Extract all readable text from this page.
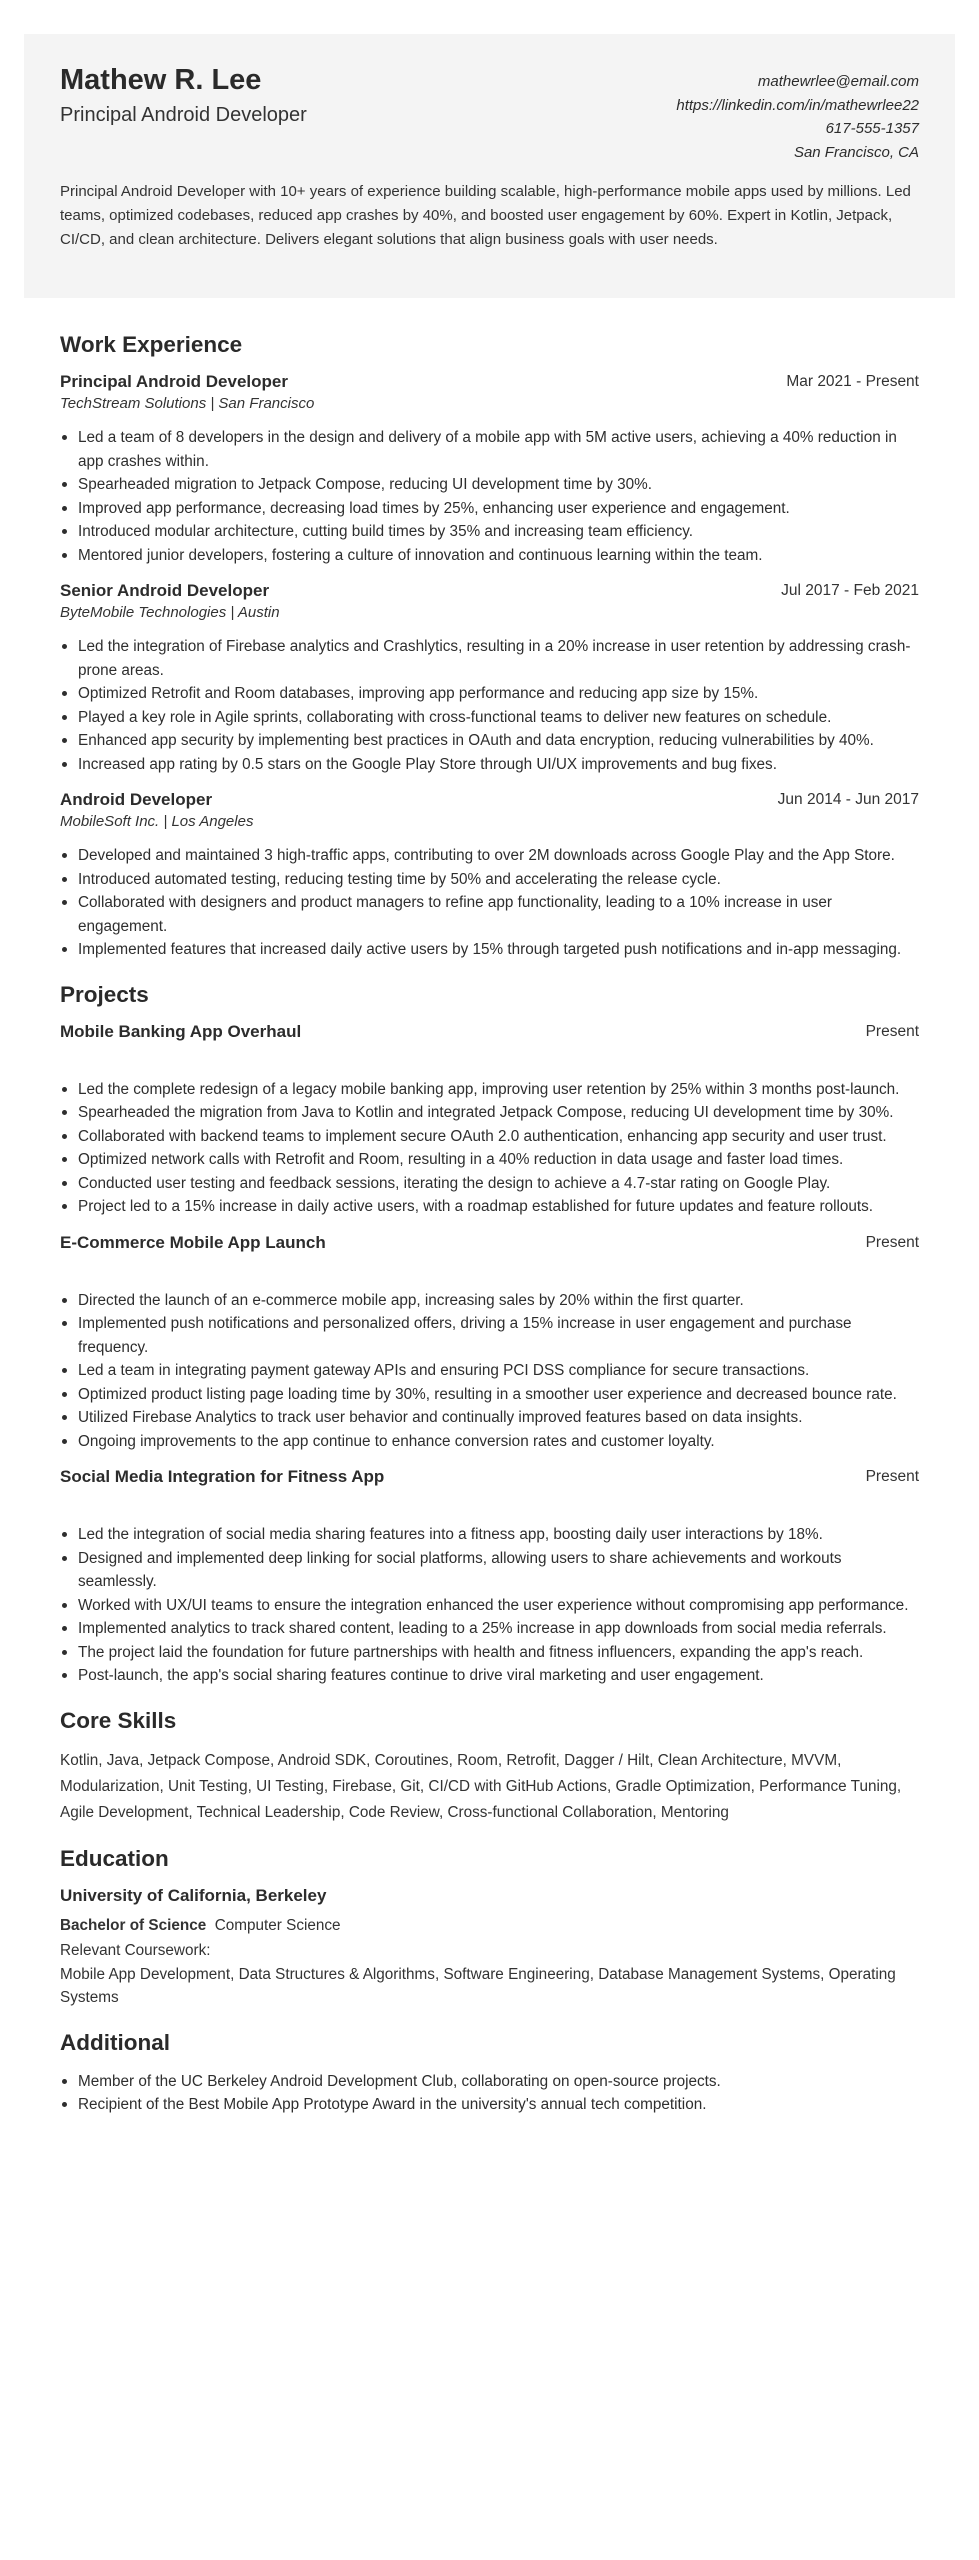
Mathew R. Lee
Principal Android Developer
mathewrlee@email.com
https://linkedin.com/in/mathewrlee22
617-555-1357
San Francisco, CA

Principal Android Developer with 10+ years of experience building scalable, high-performance mobile apps used by millions. Led teams, optimized codebases, reduced app crashes by 40%, and boosted user engagement by 60%. Expert in Kotlin, Jetpack, CI/CD, and clean architecture. Delivers elegant solutions that align business goals with user needs.

Work Experience
Principal Android Developer	Mar 2021 - Present
TechStream Solutions | San Francisco
Led a team of 8 developers in the design and delivery of a mobile app with 5M active users, achieving a 40% reduction in app crashes within.
Spearheaded migration to Jetpack Compose, reducing UI development time by 30%.
Improved app performance, decreasing load times by 25%, enhancing user experience and engagement.
Introduced modular architecture, cutting build times by 35% and increasing team efficiency.
Mentored junior developers, fostering a culture of innovation and continuous learning within the team.
Senior Android Developer	Jul 2017 - Feb 2021
ByteMobile Technologies | Austin
Led the integration of Firebase analytics and Crashlytics, resulting in a 20% increase in user retention by addressing crash-prone areas.
Optimized Retrofit and Room databases, improving app performance and reducing app size by 15%.
Played a key role in Agile sprints, collaborating with cross-functional teams to deliver new features on schedule.
Enhanced app security by implementing best practices in OAuth and data encryption, reducing vulnerabilities by 40%.
Increased app rating by 0.5 stars on the Google Play Store through UI/UX improvements and bug fixes.
Android Developer	Jun 2014 - Jun 2017
MobileSoft Inc. | Los Angeles
Developed and maintained 3 high-traffic apps, contributing to over 2M downloads across Google Play and the App Store.
Introduced automated testing, reducing testing time by 50% and accelerating the release cycle.
Collaborated with designers and product managers to refine app functionality, leading to a 10% increase in user engagement.
Implemented features that increased daily active users by 15% through targeted push notifications and in-app messaging.
Projects
Mobile Banking App Overhaul	Present
Led the complete redesign of a legacy mobile banking app, improving user retention by 25% within 3 months post-launch.
Spearheaded the migration from Java to Kotlin and integrated Jetpack Compose, reducing UI development time by 30%.
Collaborated with backend teams to implement secure OAuth 2.0 authentication, enhancing app security and user trust.
Optimized network calls with Retrofit and Room, resulting in a 40% reduction in data usage and faster load times.
Conducted user testing and feedback sessions, iterating the design to achieve a 4.7-star rating on Google Play.
Project led to a 15% increase in daily active users, with a roadmap established for future updates and feature rollouts.
E-Commerce Mobile App Launch	Present
Directed the launch of an e-commerce mobile app, increasing sales by 20% within the first quarter.
Implemented push notifications and personalized offers, driving a 15% increase in user engagement and purchase frequency.
Led a team in integrating payment gateway APIs and ensuring PCI DSS compliance for secure transactions.
Optimized product listing page loading time by 30%, resulting in a smoother user experience and decreased bounce rate.
Utilized Firebase Analytics to track user behavior and continually improved features based on data insights.
Ongoing improvements to the app continue to enhance conversion rates and customer loyalty.
Social Media Integration for Fitness App	Present
Led the integration of social media sharing features into a fitness app, boosting daily user interactions by 18%.
Designed and implemented deep linking for social platforms, allowing users to share achievements and workouts seamlessly.
Worked with UX/UI teams to ensure the integration enhanced the user experience without compromising app performance.
Implemented analytics to track shared content, leading to a 25% increase in app downloads from social media referrals.
The project laid the foundation for future partnerships with health and fitness influencers, expanding the app's reach.
Post-launch, the app's social sharing features continue to drive viral marketing and user engagement.
Core Skills

Kotlin, Java, Jetpack Compose, Android SDK, Coroutines, Room, Retrofit, Dagger / Hilt, Clean Architecture, MVVM, Modularization, Unit Testing, UI Testing, Firebase, Git, CI/CD with GitHub Actions, Gradle Optimization, Performance Tuning, Agile Development, Technical Leadership, Code Review, Cross-functional Collaboration, Mentoring

Education
University of California, Berkeley
Bachelor of Science Computer Science
Relevant Coursework:
Mobile App Development, Data Structures & Algorithms, Software Engineering, Database Management Systems, Operating Systems
Additional
Member of the UC Berkeley Android Development Club, collaborating on open-source projects.
Recipient of the Best Mobile App Prototype Award in the university's annual tech competition.
